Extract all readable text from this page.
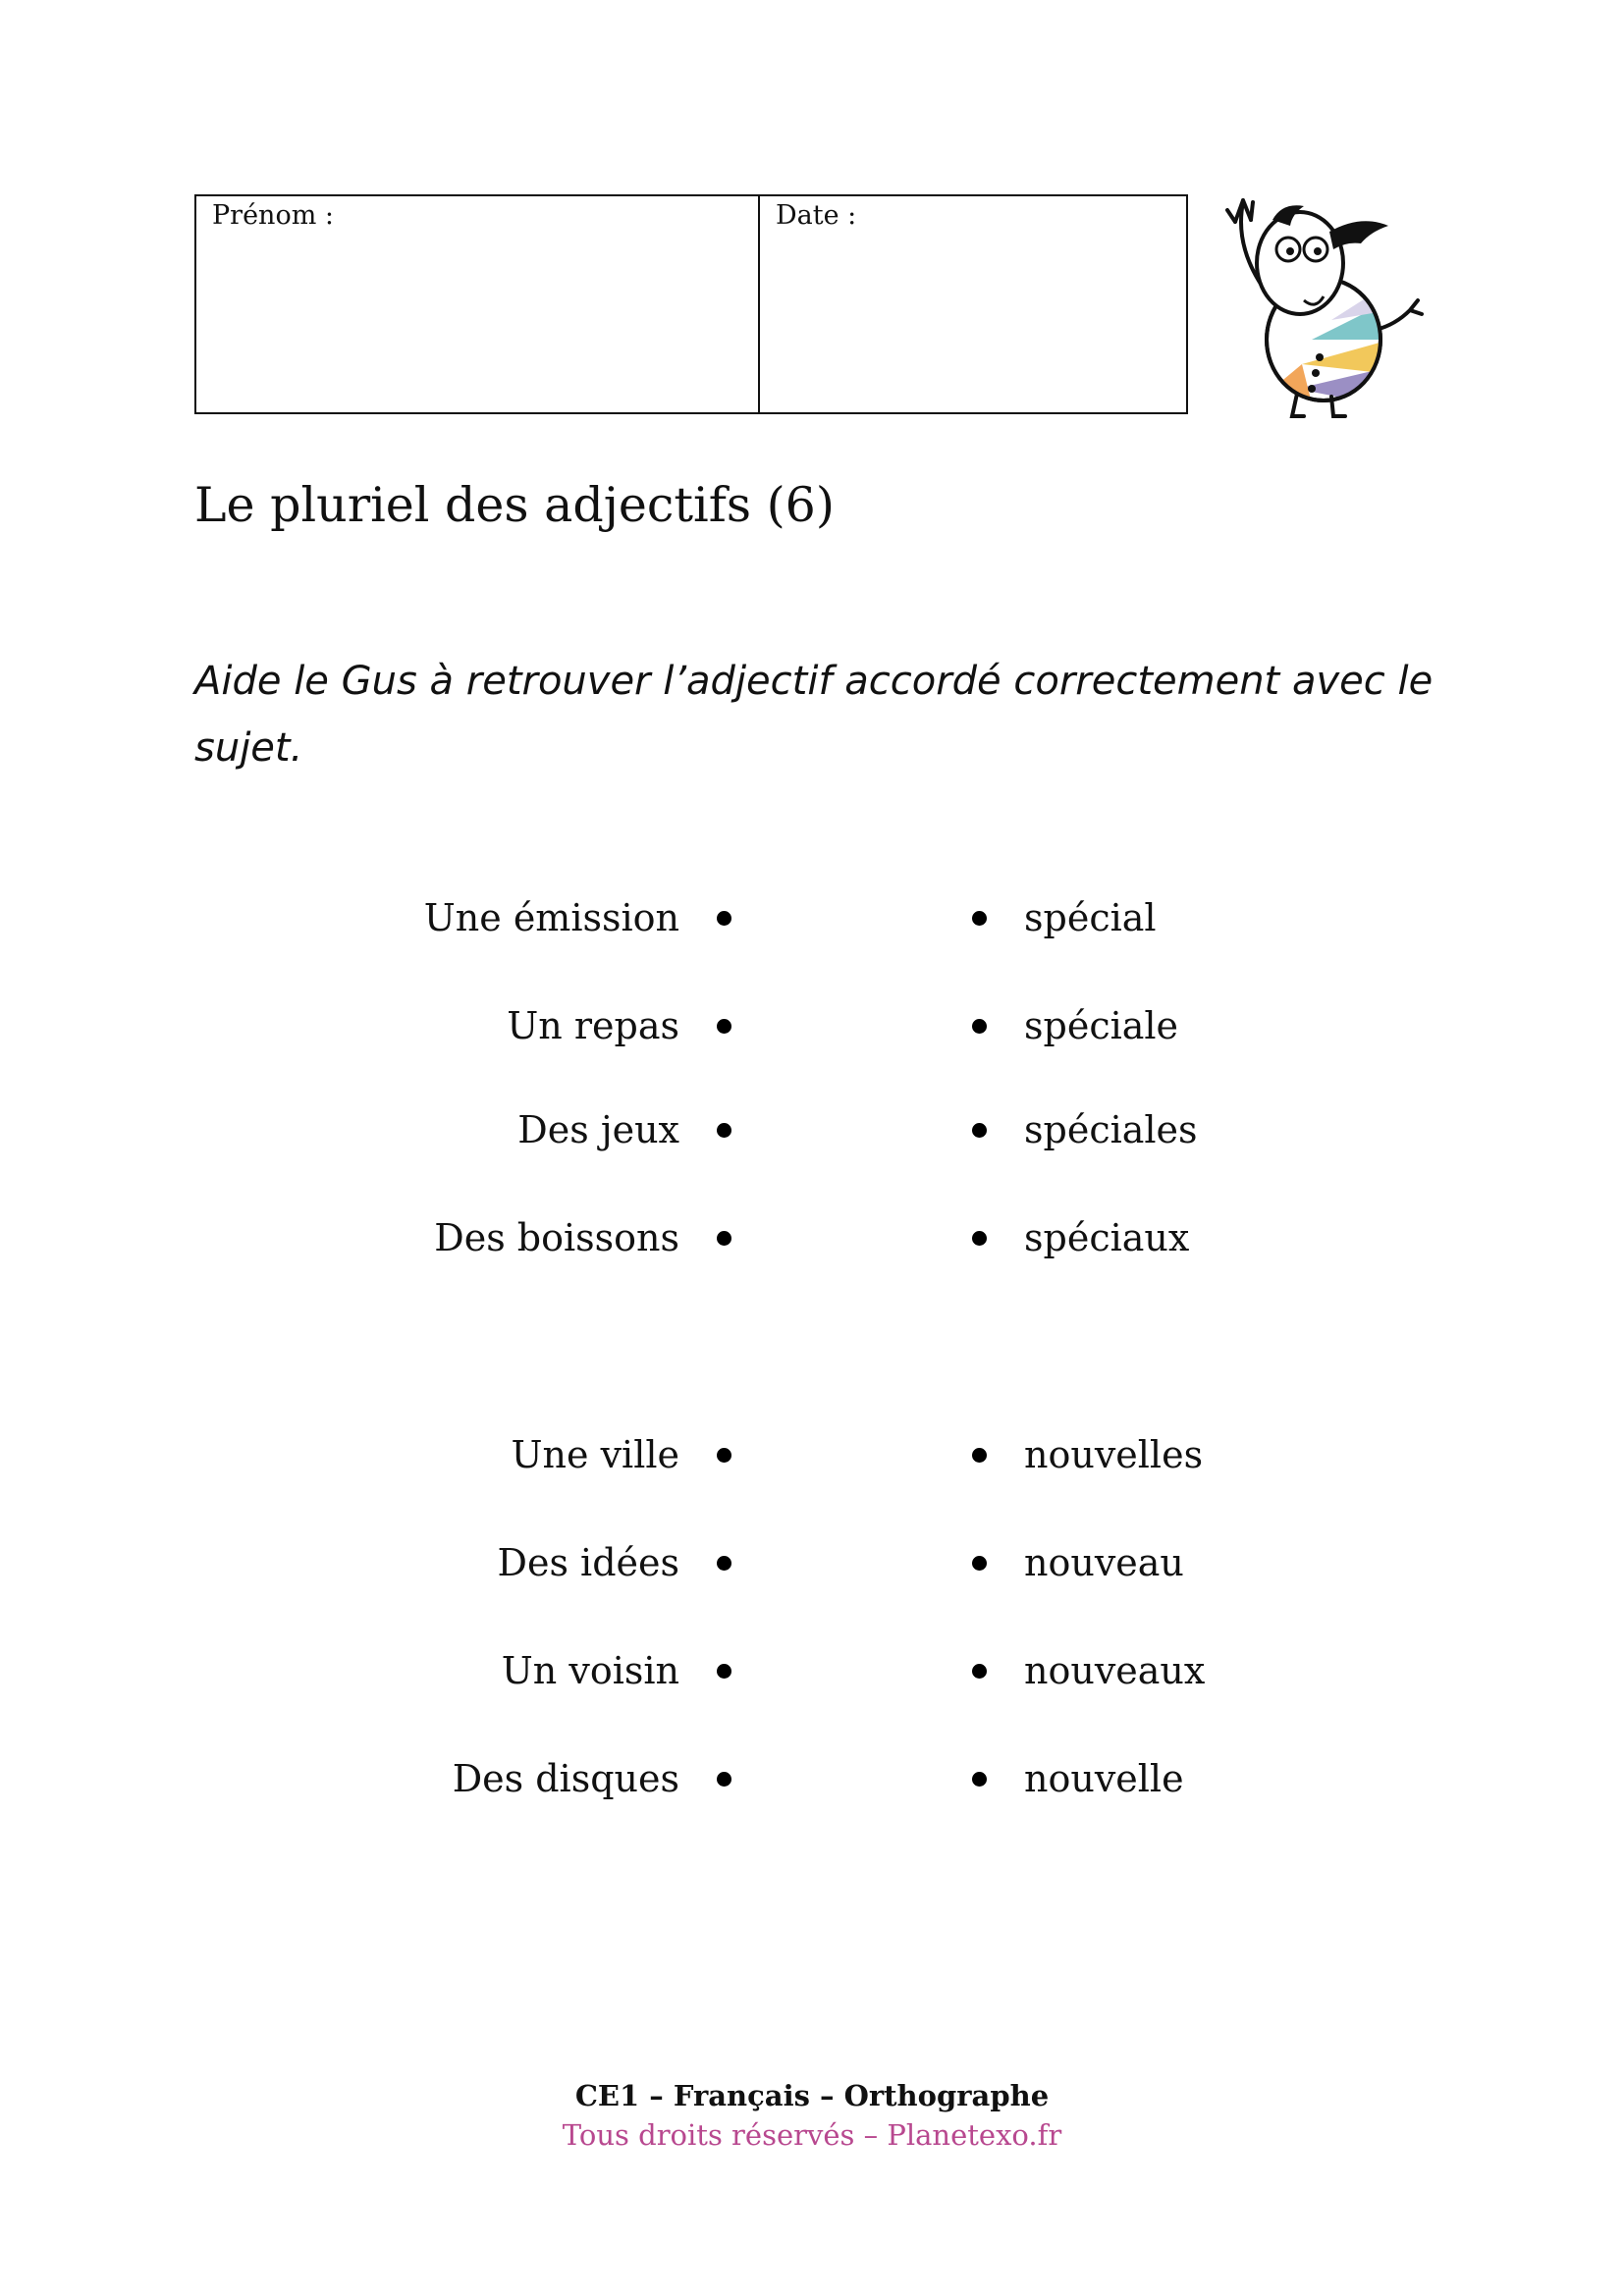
Prénom :	Date :
Le pluriel des adjectifs (6)

Aide le Gus à retrouver l’adjectif accordé correctement avec le sujet.

Une émission	spécial
Un repas	spéciale
Des jeux	spéciales
Des boissons	spéciaux
Une ville	nouvelles
Des idées	nouveau
Un voisin	nouveaux
Des disques	nouvelle
CE1 – Français – Orthographe
Tous droits réservés – Planetexo.fr
